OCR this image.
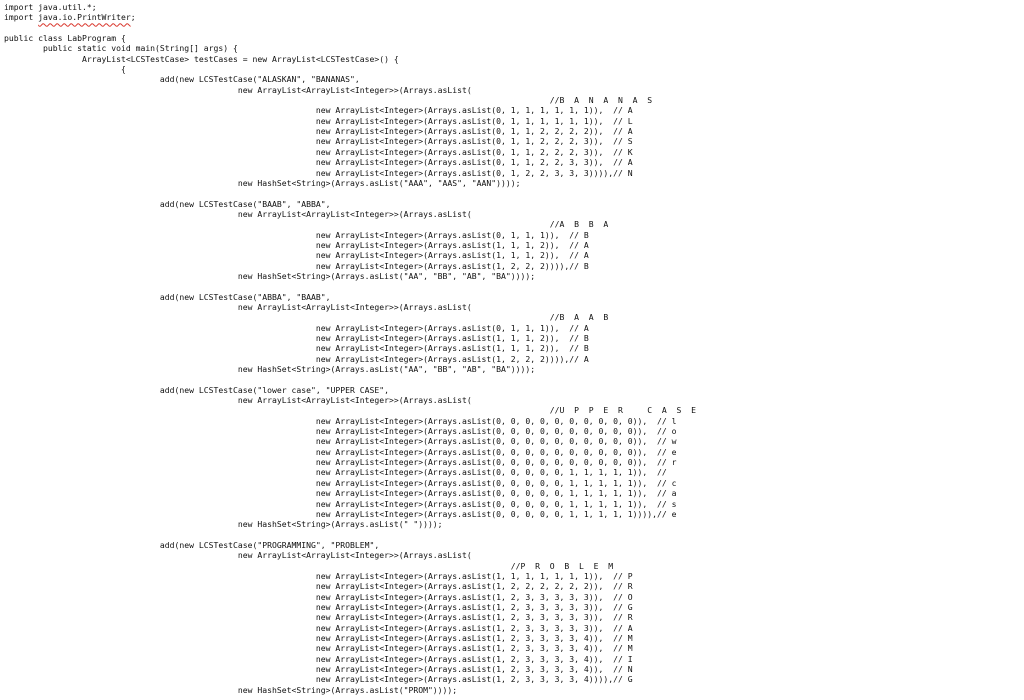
import java.util.*;
import java.io.PrintWriter;
public class LabProgram {
public static void main(String[] args) {
ArrayList<LCSTestCase> testCases = new ArrayList<LCSTestCase>() {
{
add(new LCSTestCase("ALASKAN", "BANANAS",
new ArrayList<ArrayList<Integer>>(Arrays.asList(
//B  A  N  A  N  A  S
new ArrayList<Integer>(Arrays.asList(0, 1, 1, 1, 1, 1, 1)),  // A
new ArrayList<Integer>(Arrays.asList(0, 1, 1, 1, 1, 1, 1)),  // L
new ArrayList<Integer>(Arrays.asList(0, 1, 1, 2, 2, 2, 2)),  // A
new ArrayList<Integer>(Arrays.asList(0, 1, 1, 2, 2, 2, 3)),  // S
new ArrayList<Integer>(Arrays.asList(0, 1, 1, 2, 2, 2, 3)),  // K
new ArrayList<Integer>(Arrays.asList(0, 1, 1, 2, 2, 3, 3)),  // A
new ArrayList<Integer>(Arrays.asList(0, 1, 2, 2, 3, 3, 3)))),// N
new HashSet<String>(Arrays.asList("AAA", "AAS", "AAN"))));
add(new LCSTestCase("BAAB", "ABBA",
new ArrayList<ArrayList<Integer>>(Arrays.asList(
//A  B  B  A
new ArrayList<Integer>(Arrays.asList(0, 1, 1, 1)),  // B
new ArrayList<Integer>(Arrays.asList(1, 1, 1, 2)),  // A
new ArrayList<Integer>(Arrays.asList(1, 1, 1, 2)),  // A
new ArrayList<Integer>(Arrays.asList(1, 2, 2, 2)))),// B
new HashSet<String>(Arrays.asList("AA", "BB", "AB", "BA"))));
add(new LCSTestCase("ABBA", "BAAB",
new ArrayList<ArrayList<Integer>>(Arrays.asList(
//B  A  A  B
new ArrayList<Integer>(Arrays.asList(0, 1, 1, 1)),  // A
new ArrayList<Integer>(Arrays.asList(1, 1, 1, 2)),  // B
new ArrayList<Integer>(Arrays.asList(1, 1, 1, 2)),  // B
new ArrayList<Integer>(Arrays.asList(1, 2, 2, 2)))),// A
new HashSet<String>(Arrays.asList("AA", "BB", "AB", "BA"))));
add(new LCSTestCase("lower case", "UPPER CASE",
new ArrayList<ArrayList<Integer>>(Arrays.asList(
//U  P  P  E  R     C  A  S  E
new ArrayList<Integer>(Arrays.asList(0, 0, 0, 0, 0, 0, 0, 0, 0, 0)),  // l
new ArrayList<Integer>(Arrays.asList(0, 0, 0, 0, 0, 0, 0, 0, 0, 0)),  // o
new ArrayList<Integer>(Arrays.asList(0, 0, 0, 0, 0, 0, 0, 0, 0, 0)),  // w
new ArrayList<Integer>(Arrays.asList(0, 0, 0, 0, 0, 0, 0, 0, 0, 0)),  // e
new ArrayList<Integer>(Arrays.asList(0, 0, 0, 0, 0, 0, 0, 0, 0, 0)),  // r
new ArrayList<Integer>(Arrays.asList(0, 0, 0, 0, 0, 1, 1, 1, 1, 1)),  //
new ArrayList<Integer>(Arrays.asList(0, 0, 0, 0, 0, 1, 1, 1, 1, 1)),  // c
new ArrayList<Integer>(Arrays.asList(0, 0, 0, 0, 0, 1, 1, 1, 1, 1)),  // a
new ArrayList<Integer>(Arrays.asList(0, 0, 0, 0, 0, 1, 1, 1, 1, 1)),  // s
new ArrayList<Integer>(Arrays.asList(0, 0, 0, 0, 0, 1, 1, 1, 1, 1)))),// e
new HashSet<String>(Arrays.asList(" "))));
add(new LCSTestCase("PROGRAMMING", "PROBLEM",
new ArrayList<ArrayList<Integer>>(Arrays.asList(
//P  R  O  B  L  E  M
new ArrayList<Integer>(Arrays.asList(1, 1, 1, 1, 1, 1, 1)),  // P
new ArrayList<Integer>(Arrays.asList(1, 2, 2, 2, 2, 2, 2)),  // R
new ArrayList<Integer>(Arrays.asList(1, 2, 3, 3, 3, 3, 3)),  // O
new ArrayList<Integer>(Arrays.asList(1, 2, 3, 3, 3, 3, 3)),  // G
new ArrayList<Integer>(Arrays.asList(1, 2, 3, 3, 3, 3, 3)),  // R
new ArrayList<Integer>(Arrays.asList(1, 2, 3, 3, 3, 3, 3)),  // A
new ArrayList<Integer>(Arrays.asList(1, 2, 3, 3, 3, 3, 4)),  // M
new ArrayList<Integer>(Arrays.asList(1, 2, 3, 3, 3, 3, 4)),  // M
new ArrayList<Integer>(Arrays.asList(1, 2, 3, 3, 3, 3, 4)),  // I
new ArrayList<Integer>(Arrays.asList(1, 2, 3, 3, 3, 3, 4)),  // N
new ArrayList<Integer>(Arrays.asList(1, 2, 3, 3, 3, 3, 4)))),// G
new HashSet<String>(Arrays.asList("PROM"))));
